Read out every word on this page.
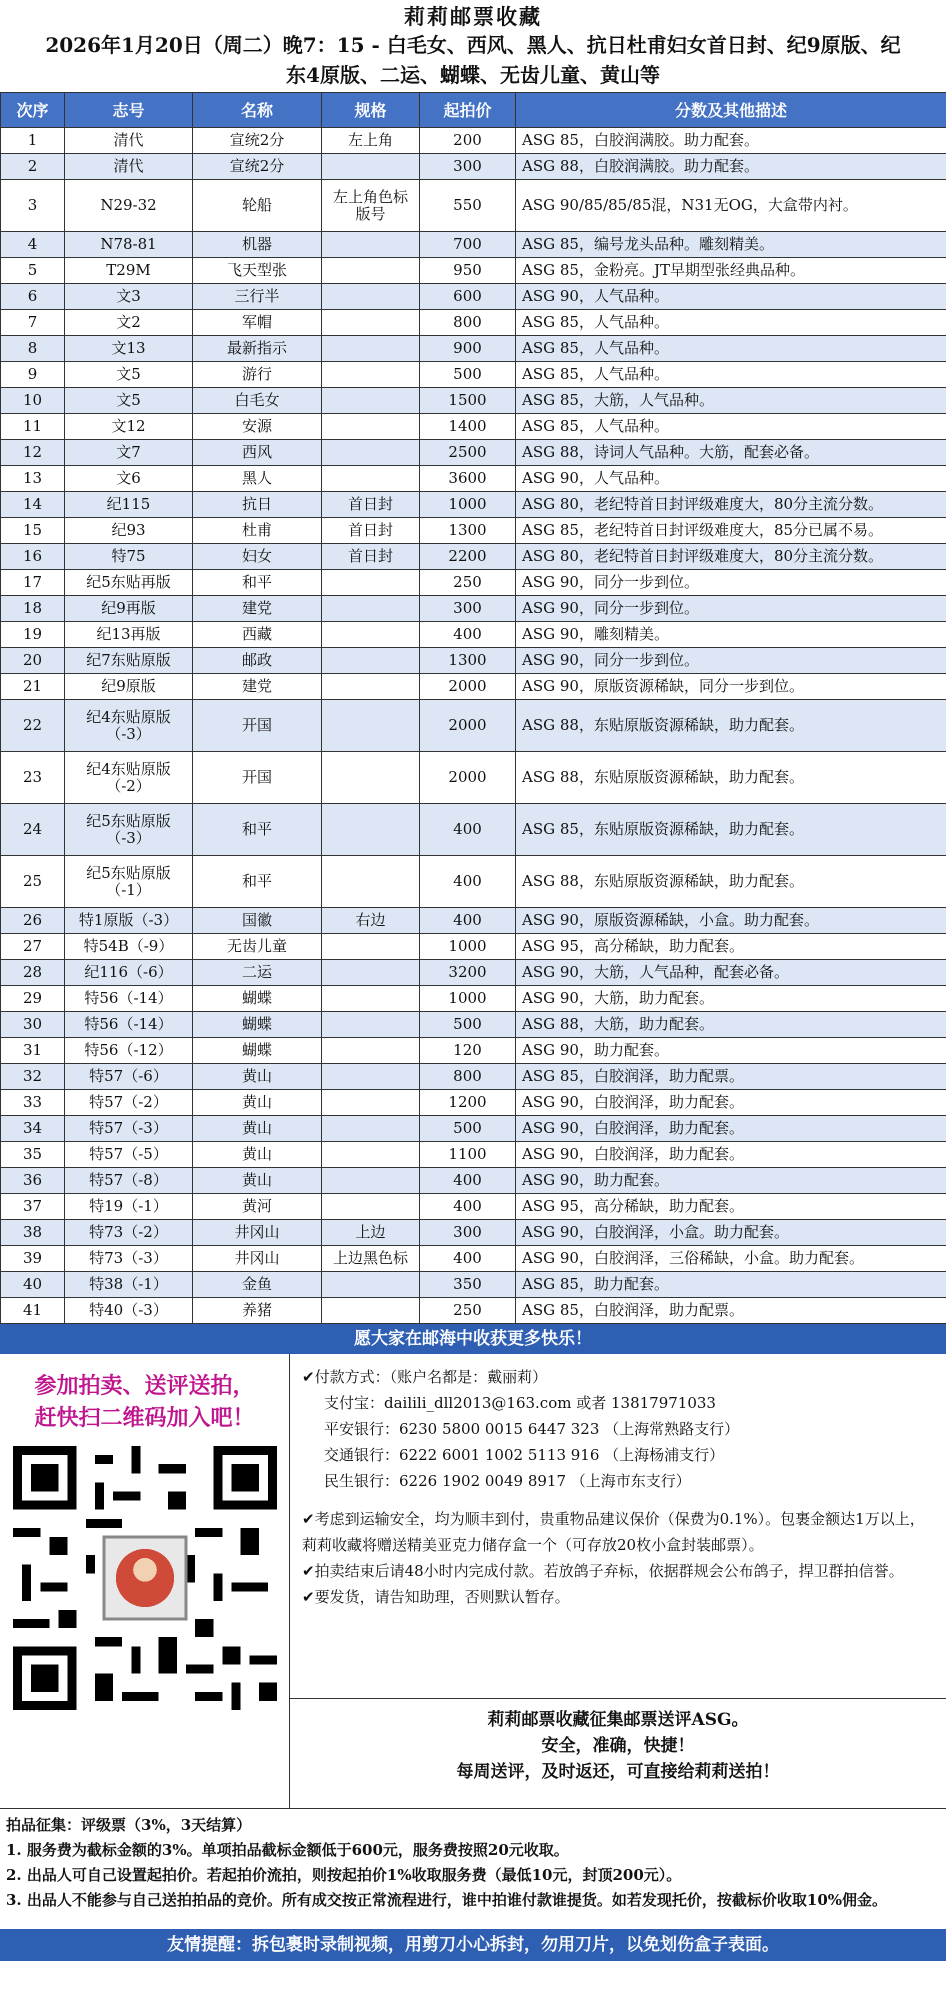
莉莉邮票收藏
2026年1月20日（周二）晚7：15 - 白毛女、西风、黑人、抗日杜甫妇女首日封、纪9原版、纪
东4原版、二运、蝴蝶、无齿儿童、黄山等
次序	志号	名称	规格	起拍价	分数及其他描述
1	清代	宣统2分	左上角	200	ASG 85，白胶润满胶。助力配套。
2	清代	宣统2分		300	ASG 88，白胶润满胶。助力配套。
3	N29-32	轮船	左上角色标版号	550	ASG 90/85/85/85混，N31无OG，大盒带内衬。
4	N78-81	机器		700	ASG 85，编号龙头品种。雕刻精美。
5	T29M	飞天型张		950	ASG 85，金粉亮。JT早期型张经典品种。
6	文3	三行半		600	ASG 90，人气品种。
7	文2	军帽		800	ASG 85，人气品种。
8	文13	最新指示		900	ASG 85，人气品种。
9	文5	游行		500	ASG 85，人气品种。
10	文5	白毛女		1500	ASG 85，大筋，人气品种。
11	文12	安源		1400	ASG 85，人气品种。
12	文7	西风		2500	ASG 88，诗词人气品种。大筋，配套必备。
13	文6	黑人		3600	ASG 90，人气品种。
14	纪115	抗日	首日封	1000	ASG 80，老纪特首日封评级难度大，80分主流分数。
15	纪93	杜甫	首日封	1300	ASG 85，老纪特首日封评级难度大，85分已属不易。
16	特75	妇女	首日封	2200	ASG 80，老纪特首日封评级难度大，80分主流分数。
17	纪5东贴再版	和平		250	ASG 90，同分一步到位。
18	纪9再版	建党		300	ASG 90，同分一步到位。
19	纪13再版	西藏		400	ASG 90，雕刻精美。
20	纪7东贴原版	邮政		1300	ASG 90，同分一步到位。
21	纪9原版	建党		2000	ASG 90，原版资源稀缺，同分一步到位。
22	纪4东贴原版（-3）	开国		2000	ASG 88，东贴原版资源稀缺，助力配套。
23	纪4东贴原版（-2）	开国		2000	ASG 88，东贴原版资源稀缺，助力配套。
24	纪5东贴原版（-3）	和平		400	ASG 85，东贴原版资源稀缺，助力配套。
25	纪5东贴原版（-1）	和平		400	ASG 88，东贴原版资源稀缺，助力配套。
26	特1原版（-3）	国徽	右边	400	ASG 90，原版资源稀缺，小盒。助力配套。
27	特54B（-9）	无齿儿童		1000	ASG 95，高分稀缺，助力配套。
28	纪116（-6）	二运		3200	ASG 90，大筋，人气品种，配套必备。
29	特56（-14）	蝴蝶		1000	ASG 90，大筋，助力配套。
30	特56（-14）	蝴蝶		500	ASG 88，大筋，助力配套。
31	特56（-12）	蝴蝶		120	ASG 90，助力配套。
32	特57（-6）	黄山		800	ASG 85，白胶润泽，助力配票。
33	特57（-2）	黄山		1200	ASG 90，白胶润泽，助力配套。
34	特57（-3）	黄山		500	ASG 90，白胶润泽，助力配套。
35	特57（-5）	黄山		1100	ASG 90，白胶润泽，助力配套。
36	特57（-8）	黄山		400	ASG 90，助力配套。
37	特19（-1）	黄河		400	ASG 95，高分稀缺，助力配套。
38	特73（-2）	井冈山	上边	300	ASG 90，白胶润泽，小盒。助力配套。
39	特73（-3）	井冈山	上边黑色标	400	ASG 90，白胶润泽，三俗稀缺，小盒。助力配套。
40	特38（-1）	金鱼		350	ASG 85，助力配套。
41	特40（-3）	养猪		250	ASG 85，白胶润泽，助力配票。
愿大家在邮海中收获更多快乐！
参加拍卖、送评送拍，
赶快扫二维码加入吧！

✔付款方式：（账户名都是：戴丽莉）

支付宝：dailili_dll2013@163.com 或者 13817971033

平安银行：6230 5800 0015 6447 323 （上海常熟路支行）

交通银行：6222 6001 1002 5113 916 （上海杨浦支行）

民生银行：6226 1902 0049 8917 （上海市东支行）

✔考虑到运输安全，均为顺丰到付，贵重物品建议保价（保费为0.1%）。包裹金额达1万以上，莉莉收藏将赠送精美亚克力储存盒一个（可存放20枚小盒封装邮票）。

✔拍卖结束后请48小时内完成付款。若放鸽子弃标，依据群规会公布鸽子，捍卫群拍信誉。

✔要发货，请告知助理，否则默认暂存。

莉莉邮票收藏征集邮票送评ASG。
安全，准确，快捷！
每周送评，及时返还，可直接给莉莉送拍！

拍品征集：评级票（3%，3天结算）

1. 服务费为截标金额的3%。单项拍品截标金额低于600元，服务费按照20元收取。

2. 出品人可自己设置起拍价。若起拍价流拍，则按起拍价1%收取服务费（最低10元，封顶200元）。

3. 出品人不能参与自己送拍拍品的竞价。所有成交按正常流程进行，谁中拍谁付款谁提货。如若发现托价，按截标价收取10%佣金。

友情提醒：拆包裹时录制视频，用剪刀小心拆封，勿用刀片，以免划伤盒子表面。
